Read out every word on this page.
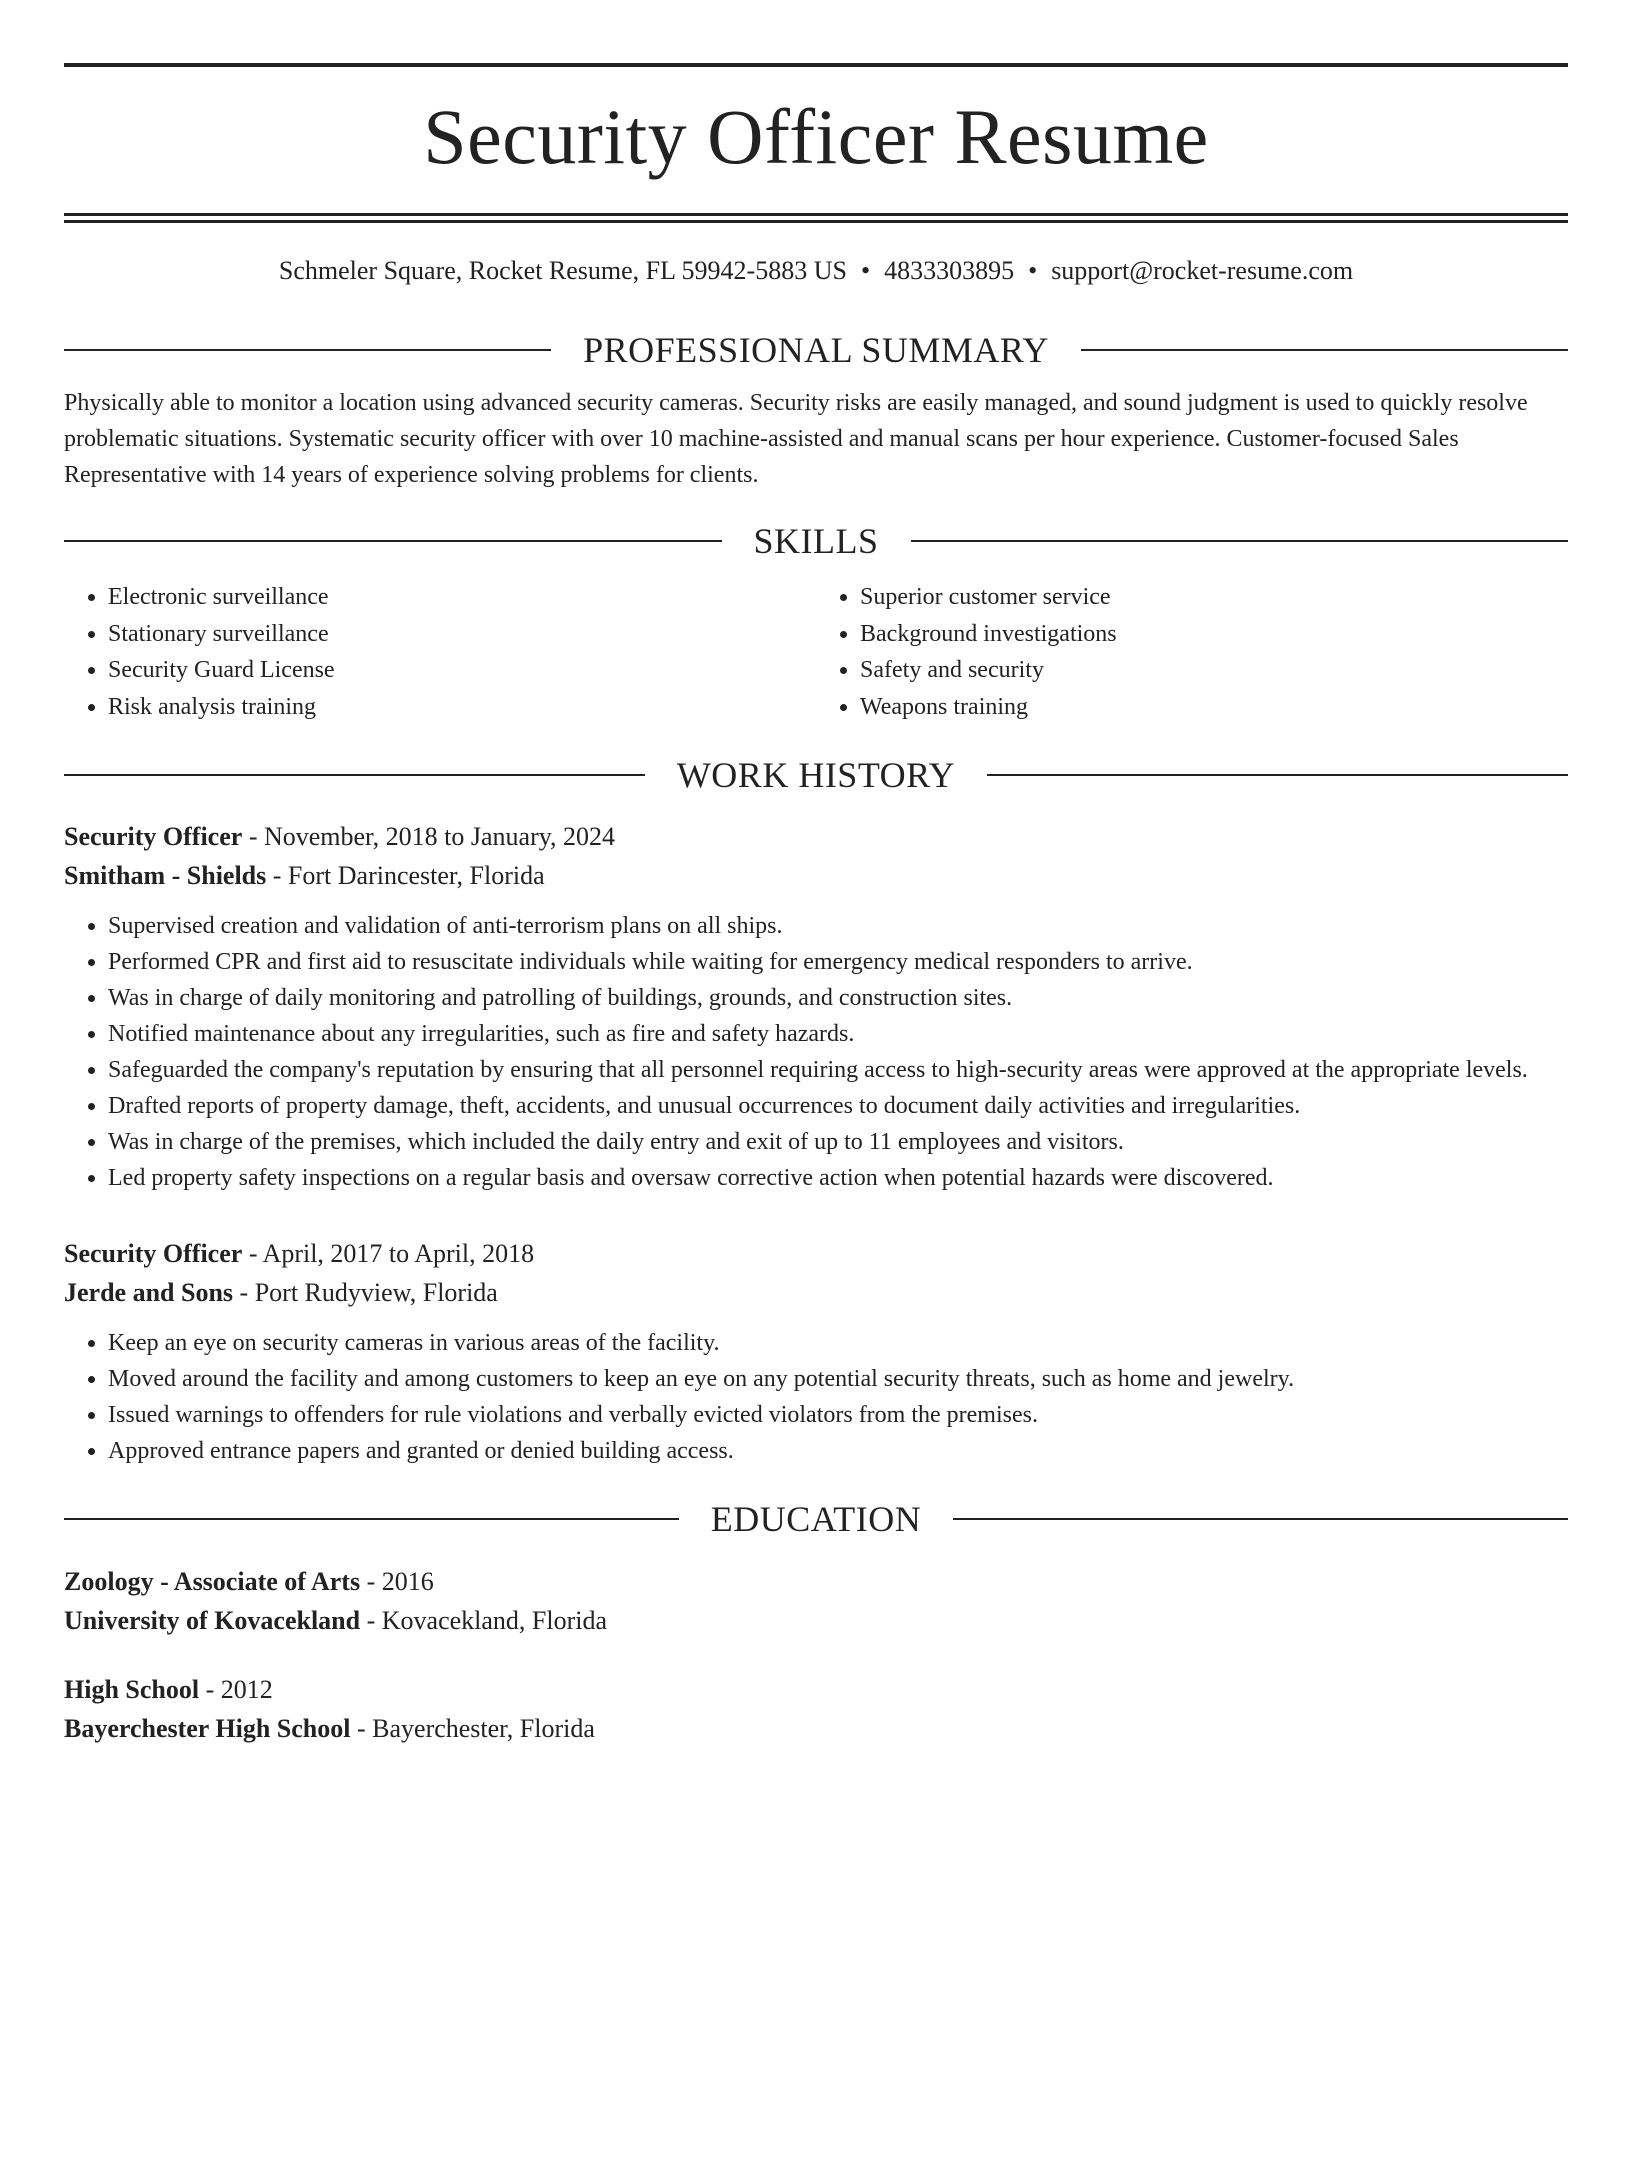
Security Officer Resume
Schmeler Square, Rocket Resume, FL 59942-5883 US • 4833303895 • support@rocket-resume.com
PROFESSIONAL SUMMARY

Physically able to monitor a location using advanced security cameras. Security risks are easily managed, and sound judgment is used to quickly resolve problematic situations. Systematic security officer with over 10 machine-assisted and manual scans per hour experience. Customer-focused Sales Representative with 14 years of experience solving problems for clients.

SKILLS
• Electronic surveillance
• Stationary surveillance
• Security Guard License
• Risk analysis training
• Superior customer service
• Background investigations
• Safety and security
• Weapons training
WORK HISTORY
Security Officer - November, 2018 to January, 2024
Smitham - Shields - Fort Darincester, Florida
• Supervised creation and validation of anti-terrorism plans on all ships.
• Performed CPR and first aid to resuscitate individuals while waiting for emergency medical responders to arrive.
• Was in charge of daily monitoring and patrolling of buildings, grounds, and construction sites.
• Notified maintenance about any irregularities, such as fire and safety hazards.
• Safeguarded the company's reputation by ensuring that all personnel requiring access to high-security areas were approved at the appropriate levels.
• Drafted reports of property damage, theft, accidents, and unusual occurrences to document daily activities and irregularities.
• Was in charge of the premises, which included the daily entry and exit of up to 11 employees and visitors.
• Led property safety inspections on a regular basis and oversaw corrective action when potential hazards were discovered.
Security Officer - April, 2017 to April, 2018
Jerde and Sons - Port Rudyview, Florida
• Keep an eye on security cameras in various areas of the facility.
• Moved around the facility and among customers to keep an eye on any potential security threats, such as home and jewelry.
• Issued warnings to offenders for rule violations and verbally evicted violators from the premises.
• Approved entrance papers and granted or denied building access.
EDUCATION
Zoology - Associate of Arts - 2016
University of Kovacekland - Kovacekland, Florida
High School - 2012
Bayerchester High School - Bayerchester, Florida
